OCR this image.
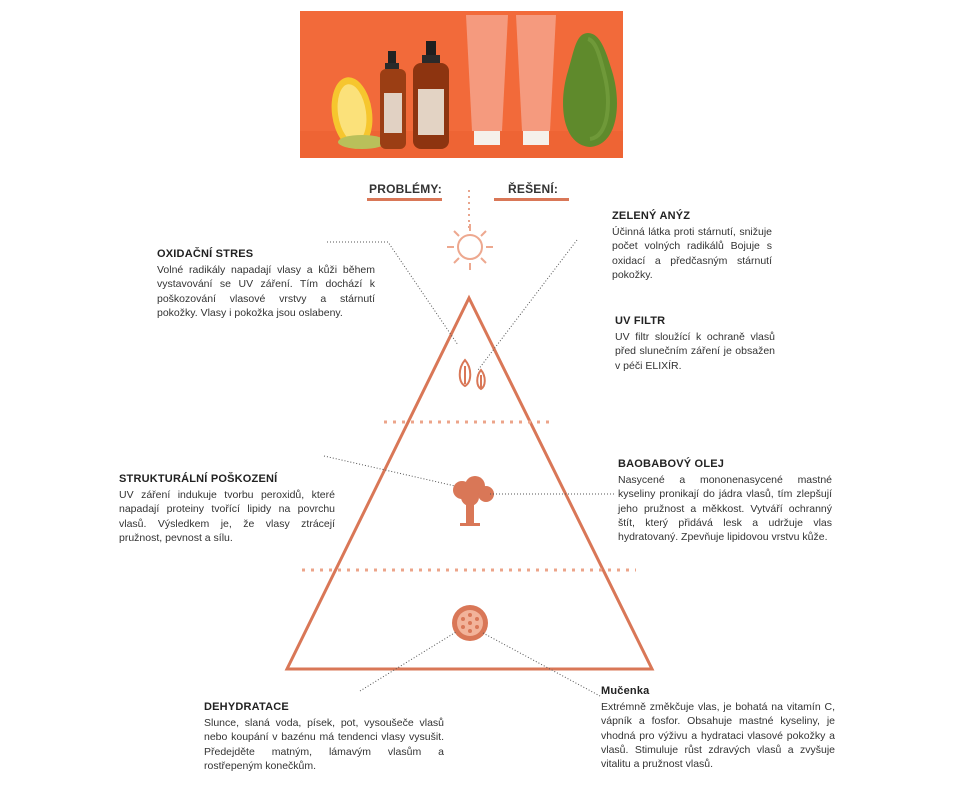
PROBLÉMY:	ŘEŠENÍ:
OXIDAČNÍ STRES

Volné radikály napadají vlasy a kůži během vystavování se UV záření. Tím dochází k poškozování vlasové vrstvy a stárnutí pokožky. Vlasy i pokožka jsou oslabeny.

STRUKTURÁLNÍ POŠKOZENÍ

UV záření indukuje tvorbu peroxidů, které napadají proteiny tvořící lipidy na povrchu vlasů. Výsledkem je, že vlasy ztrácejí pružnost, pevnost a sílu.

DEHYDRATACE

Slunce, slaná voda, písek, pot, vysoušeče vlasů nebo koupání v bazénu má tendenci vlasy vysušit. Předejděte matným, lámavým vlasům a rostřepeným konečkům.

ZELENÝ ANÝZ

Účinná látka proti stárnutí, snižuje počet volných radikálů Bojuje s oxidací a předčasným stárnutí pokožky.

UV FILTR

UV filtr sloužící k ochraně vlasů před slunečním záření je obsažen v péči ELIXÍR.

BAOBABOVÝ OLEJ

Nasycené a mononenasycené mastné kyseliny pronikají do jádra vlasů, tím zlepšují jeho pružnost a měkkost. Vytváří ochranný štít, který přidává lesk a udržuje vlas hydratovaný. Zpevňuje lipidovou vrstvu kůže.

Mučenka

Extrémně změkčuje vlas, je bohatá na vitamín C, vápník a fosfor. Obsahuje mastné kyseliny, je vhodná pro výživu a hydrataci vlasové pokožky a vlasů. Stimuluje růst zdravých vlasů a zvyšuje vitalitu a pružnost vlasů.
